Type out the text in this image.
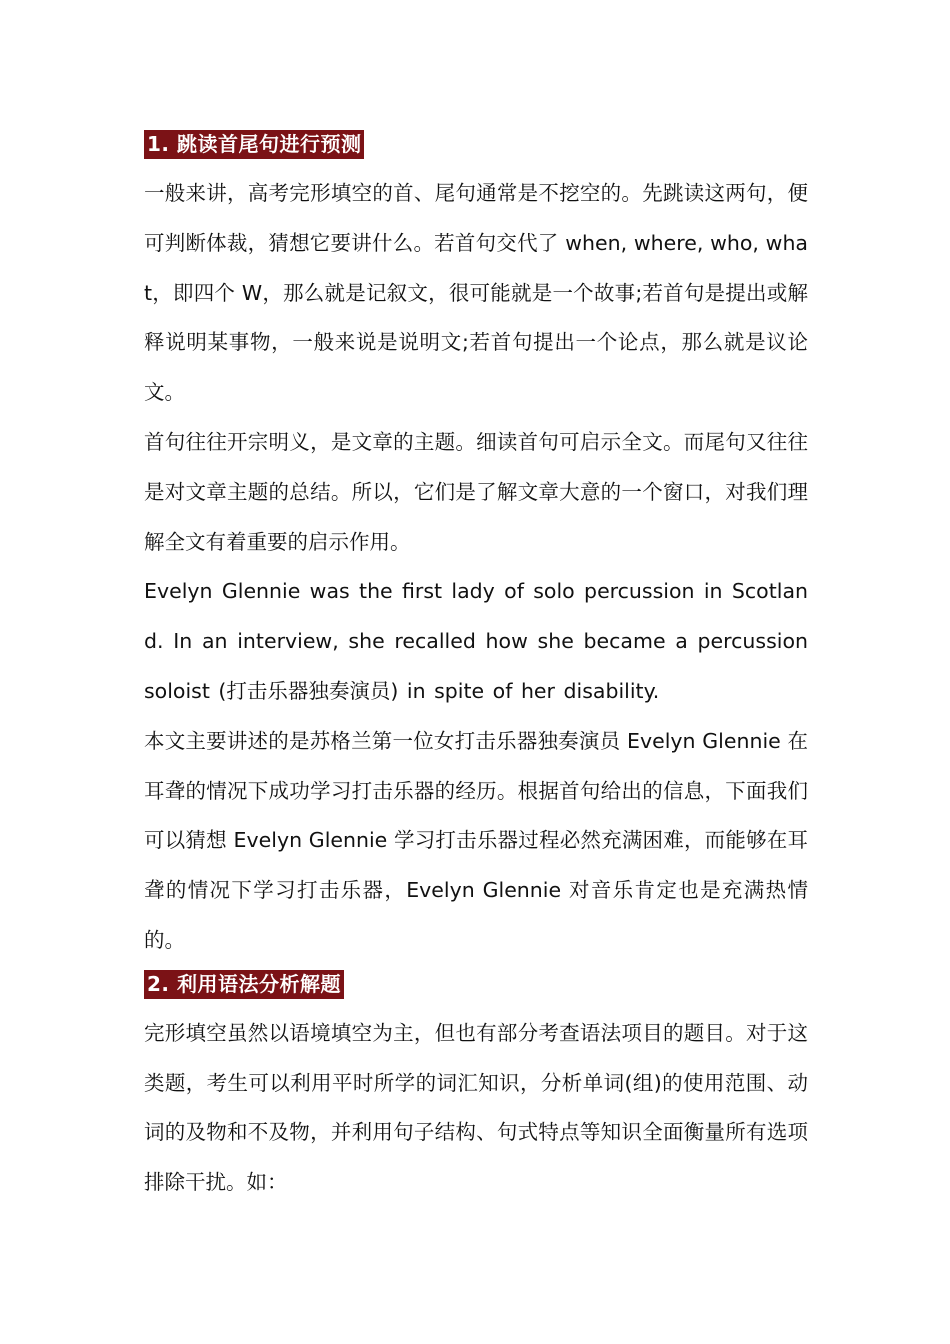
1. 跳读首尾句进行预测

一般来讲，高考完形填空的首、尾句通常是不挖空的。先跳读这两句，便可判断体裁，猜想它要讲什么。若首句交代了 when, where, who, what，即四个 W，那么就是记叙文，很可能就是一个故事;若首句是提出或解释说明某事物，一般来说是说明文;若首句提出一个论点，那么就是议论文。

首句往往开宗明义，是文章的主题。细读首句可启示全文。而尾句又往往是对文章主题的总结。所以，它们是了解文章大意的一个窗口，对我们理解全文有着重要的启示作用。

Evelyn Glennie was the first lady of solo percussion in Scotland. In an interview, she recalled how she became a percussion soloist (打击乐器独奏演员) in spite of her disability.

本文主要讲述的是苏格兰第一位女打击乐器独奏演员 Evelyn Glennie 在耳聋的情况下成功学习打击乐器的经历。根据首句给出的信息，下面我们可以猜想 Evelyn Glennie 学习打击乐器过程必然充满困难，而能够在耳聋的情况下学习打击乐器，Evelyn Glennie 对音乐肯定也是充满热情的。

2. 利用语法分析解题

完形填空虽然以语境填空为主，但也有部分考查语法项目的题目。对于这类题，考生可以利用平时所学的词汇知识，分析单词(组)的使用范围、动词的及物和不及物，并利用句子结构、句式特点等知识全面衡量所有选项排除干扰。如：
